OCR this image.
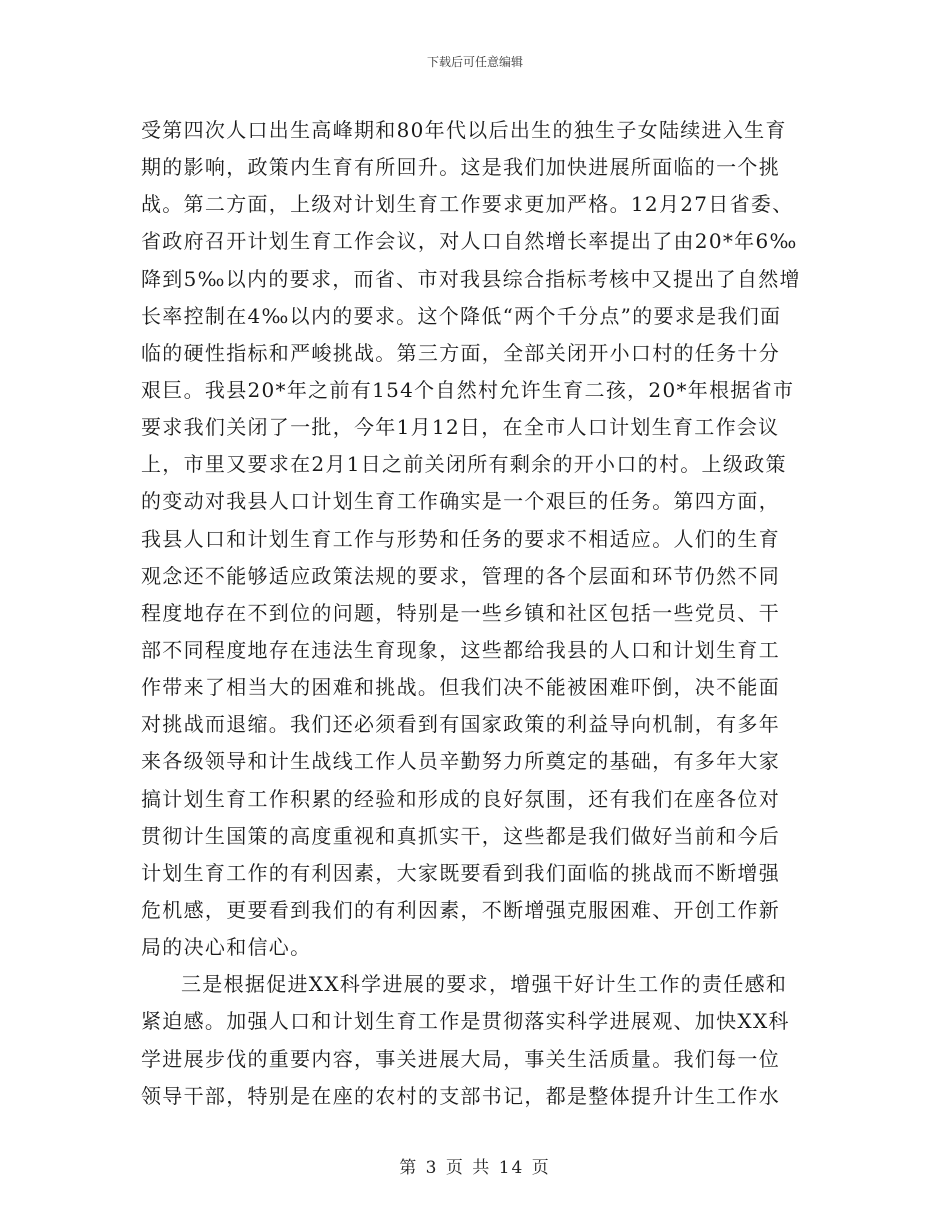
下载后可任意编辑
受第四次人口出生高峰期和80年代以后出生的独生子女陆续进入生育
期的影响，政策内生育有所回升。这是我们加快进展所面临的一个挑
战。第二方面，上级对计划生育工作要求更加严格。12月27日省委、
省政府召开计划生育工作会议，对人口自然增长率提出了由20*年6‰
降到5‰以内的要求，而省、市对我县综合指标考核中又提出了自然增
长率控制在4‰以内的要求。这个降低“两个千分点”的要求是我们面
临的硬性指标和严峻挑战。第三方面，全部关闭开小口村的任务十分
艰巨。我县20*年之前有154个自然村允许生育二孩，20*年根据省市
要求我们关闭了一批，今年1月12日，在全市人口计划生育工作会议
上，市里又要求在2月1日之前关闭所有剩余的开小口的村。上级政策
的变动对我县人口计划生育工作确实是一个艰巨的任务。第四方面，
我县人口和计划生育工作与形势和任务的要求不相适应。人们的生育
观念还不能够适应政策法规的要求，管理的各个层面和环节仍然不同
程度地存在不到位的问题，特别是一些乡镇和社区包括一些党员、干
部不同程度地存在违法生育现象，这些都给我县的人口和计划生育工
作带来了相当大的困难和挑战。但我们决不能被困难吓倒，决不能面
对挑战而退缩。我们还必须看到有国家政策的利益导向机制，有多年
来各级领导和计生战线工作人员辛勤努力所奠定的基础，有多年大家
搞计划生育工作积累的经验和形成的良好氛围，还有我们在座各位对
贯彻计生国策的高度重视和真抓实干，这些都是我们做好当前和今后
计划生育工作的有利因素，大家既要看到我们面临的挑战而不断增强
危机感，更要看到我们的有利因素，不断增强克服困难、开创工作新
局的决心和信心。
三是根据促进XX科学进展的要求，增强干好计生工作的责任感和
紧迫感。加强人口和计划生育工作是贯彻落实科学进展观、加快XX科
学进展步伐的重要内容，事关进展大局，事关生活质量。我们每一位
领导干部，特别是在座的农村的支部书记，都是整体提升计生工作水
第 3 页 共 14 页
